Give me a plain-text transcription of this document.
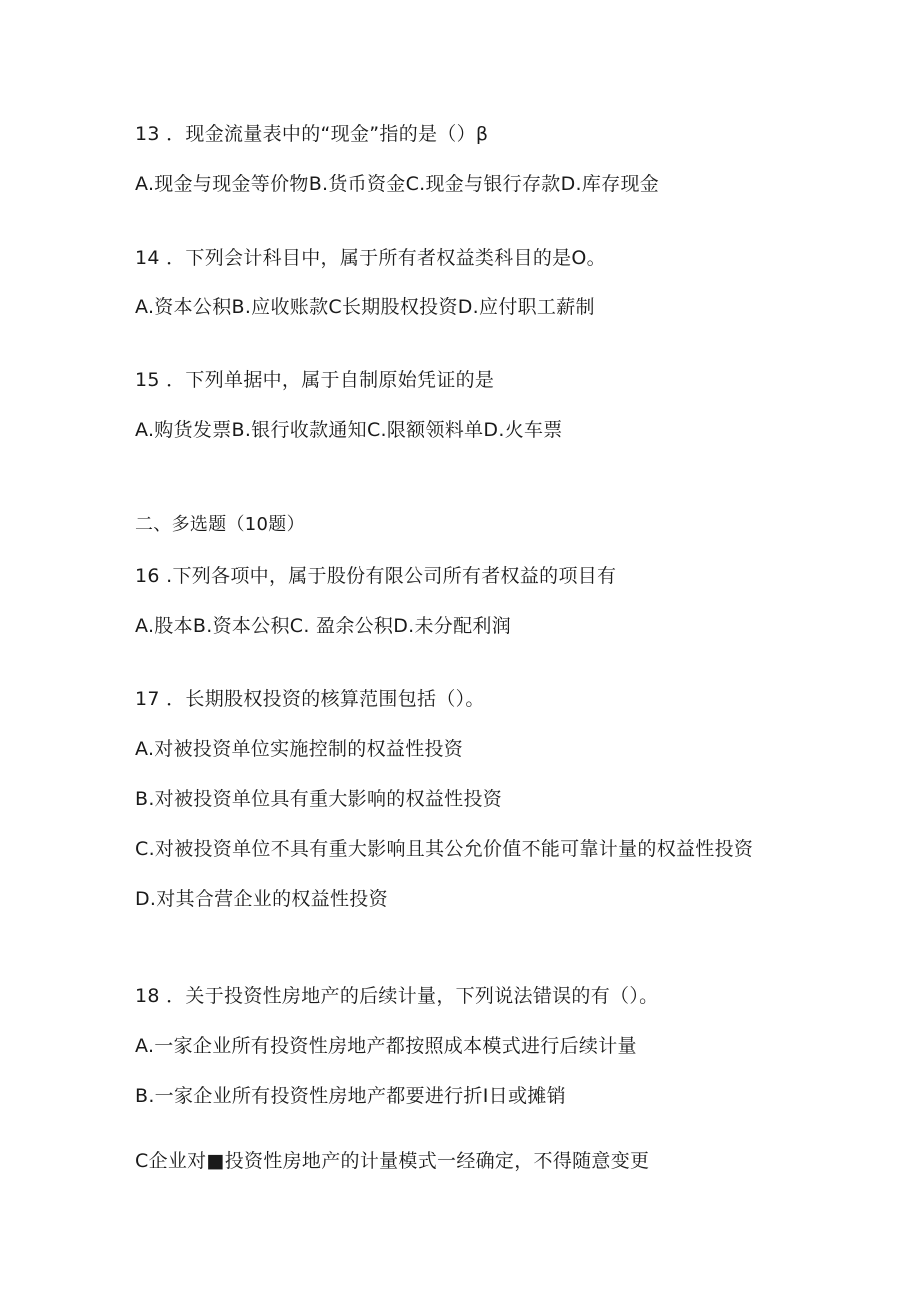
13 ．现金流量表中的“现金”指的是（）β
A.现金与现金等价物B.货币资金C.现金与银行存款D.库存现金
14 ．下列会计科目中，属于所有者权益类科目的是O。
A.资本公积B.应收账款C长期股权投资D.应付职工薪制
15 ．下列单据中，属于自制原始凭证的是
A.购货发票B.银行收款通知C.限额领料单D.火车票
二、多选题（10题）
16 .下列各项中，属于股份有限公司所有者权益的项目有
A.股本B.资本公积C. 盈余公积D.未分配利润
17 ．长期股权投资的核算范围包括（）。
A.对被投资单位实施控制的权益性投资
B.对被投资单位具有重大影响的权益性投资
C.对被投资单位不具有重大影响且其公允价值不能可靠计量的权益性投资
D.对其合营企业的权益性投资
18 ．关于投资性房地产的后续计量，下列说法错误的有（）。
A.一家企业所有投资性房地产都按照成本模式进行后续计量
B.一家企业所有投资性房地产都要进行折I日或摊销
C企业对■投资性房地产的计量模式一经确定，不得随意变更
